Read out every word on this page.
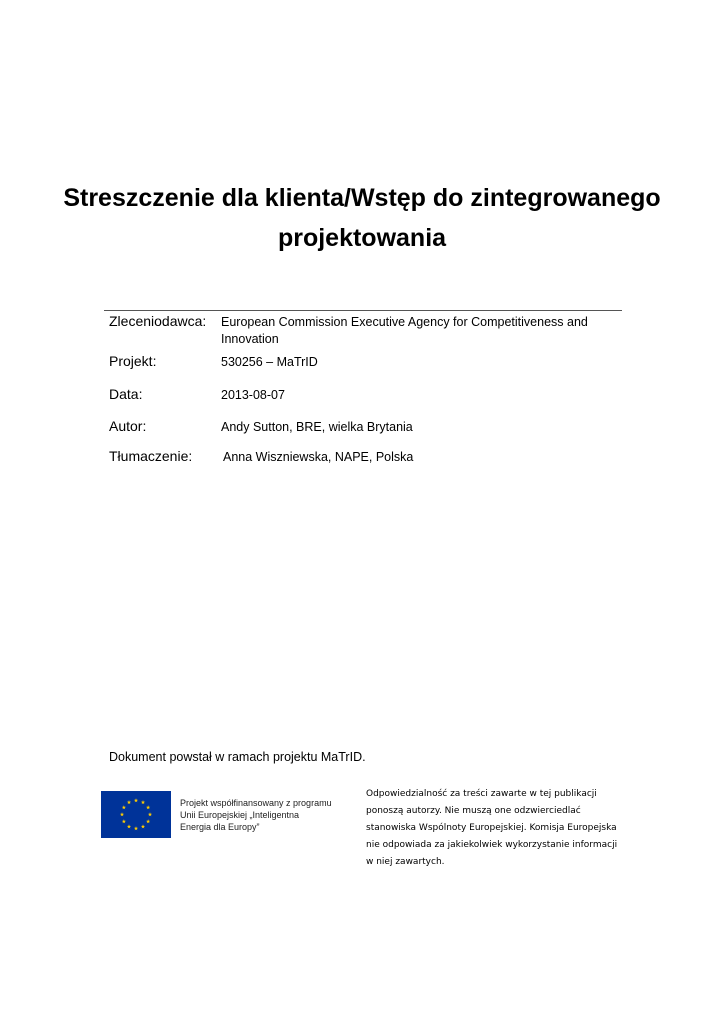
Streszczenie dla klienta/Wstęp do zintegrowanego projektowania
Zleceniodawca: European Commission Executive Agency for Competitiveness and Innovation
Projekt:	530256 – MaTrID
Data:	2013-08-07
Autor:	Andy Sutton, BRE, wielka Brytania
Tłumaczenie: Anna Wiszniewska, NAPE, Polska
Dokument powstał w ramach projektu MaTrID.
Projekt współfinansowany z programu
Unii Europejskiej „Inteligentna
Energia dla Europy”
Odpowiedzialność za treści zawarte w tej publikacji
ponoszą autorzy. Nie muszą one odzwierciedlać
stanowiska Wspólnoty Europejskiej. Komisja Europejska
nie odpowiada za jakiekolwiek wykorzystanie informacji
w niej zawartych.
